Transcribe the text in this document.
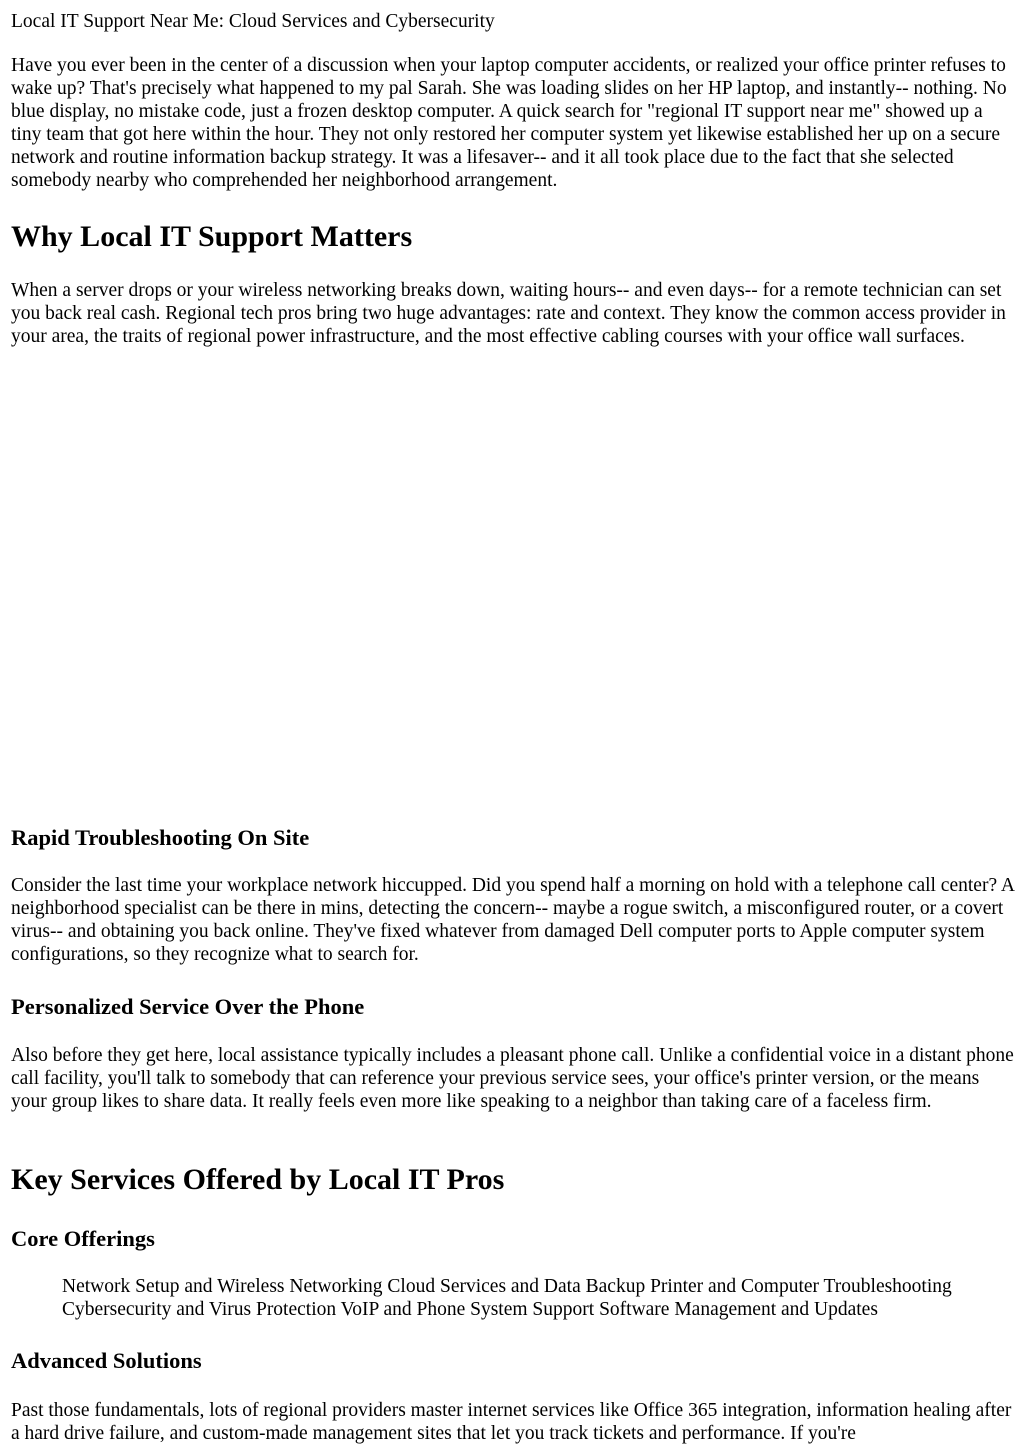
Local IT Support Near Me: Cloud Services and Cybersecurity

Have you ever been in the center of a discussion when your laptop computer accidents, or realized your office printer refuses to wake up? That's precisely what happened to my pal Sarah. She was loading slides on her HP laptop, and instantly-- nothing. No blue display, no mistake code, just a frozen desktop computer. A quick search for "regional IT support near me" showed up a tiny team that got here within the hour. They not only restored her computer system yet likewise established her up on a secure network and routine information backup strategy. It was a lifesaver-- and it all took place due to the fact that she selected somebody nearby who comprehended her neighborhood arrangement.

Why Local IT Support Matters

When a server drops or your wireless networking breaks down, waiting hours-- and even days-- for a remote technician can set you back real cash. Regional tech pros bring two huge advantages: rate and context. They know the common access provider in your area, the traits of regional power infrastructure, and the most effective cabling courses with your office wall surfaces.

Rapid Troubleshooting On Site

Consider the last time your workplace network hiccupped. Did you spend half a morning on hold with a telephone call center? A neighborhood specialist can be there in mins, detecting the concern-- maybe a rogue switch, a misconfigured router, or a covert virus-- and obtaining you back online. They've fixed whatever from damaged Dell computer ports to Apple computer system configurations, so they recognize what to search for.

Personalized Service Over the Phone

Also before they get here, local assistance typically includes a pleasant phone call. Unlike a confidential voice in a distant phone call facility, you'll talk to somebody that can reference your previous service sees, your office's printer version, or the means your group likes to share data. It really feels even more like speaking to a neighbor than taking care of a faceless firm.

Key Services Offered by Local IT Pros
Core Offerings
Network Setup and Wireless Networking Cloud Services and Data Backup Printer and Computer Troubleshooting Cybersecurity and Virus Protection VoIP and Phone System Support Software Management and Updates
Advanced Solutions

Past those fundamentals, lots of regional providers master internet services like Office 365 integration, information healing after a hard drive failure, and custom-made management sites that let you track tickets and performance. If you're
